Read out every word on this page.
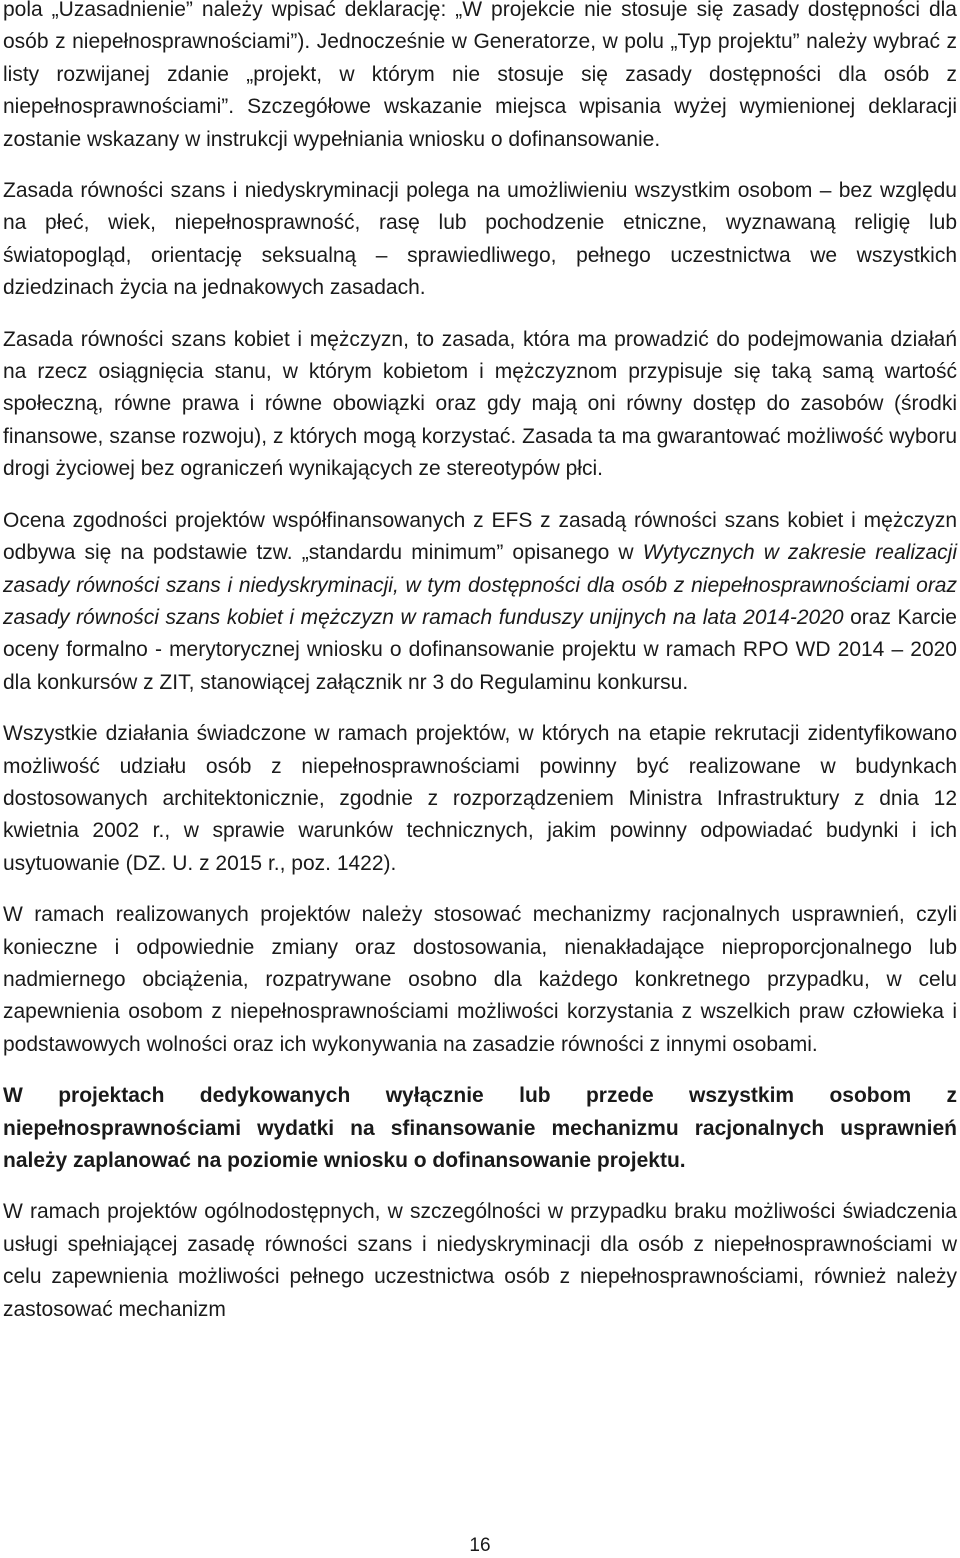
pola „Uzasadnienie” należy wpisać deklarację: „W projekcie nie stosuje się zasady dostępności dla osób z niepełnosprawnościami”). Jednocześnie w Generatorze, w polu „Typ projektu” należy wybrać z listy rozwijanej zdanie „projekt, w którym nie stosuje się zasady dostępności dla osób z niepełnosprawnościami”. Szczegółowe wskazanie miejsca wpisania wyżej wymienionej deklaracji zostanie wskazany w instrukcji wypełniania wniosku o dofinansowanie.

Zasada równości szans i niedyskryminacji polega na umożliwieniu wszystkim osobom – bez względu na płeć, wiek, niepełnosprawność, rasę lub pochodzenie etniczne, wyznawaną religię lub światopogląd, orientację seksualną – sprawiedliwego, pełnego uczestnictwa we wszystkich dziedzinach życia na jednakowych zasadach.

Zasada równości szans kobiet i mężczyzn, to zasada, która ma prowadzić do podejmowania działań na rzecz osiągnięcia stanu, w którym kobietom i mężczyznom przypisuje się taką samą wartość społeczną, równe prawa i równe obowiązki oraz gdy mają oni równy dostęp do zasobów (środki finansowe, szanse rozwoju), z których mogą korzystać. Zasada ta ma gwarantować możliwość wyboru drogi życiowej bez ograniczeń wynikających ze stereotypów płci.

Ocena zgodności projektów współfinansowanych z EFS z zasadą równości szans kobiet i mężczyzn odbywa się na podstawie tzw. „standardu minimum” opisanego w Wytycznych w zakresie realizacji zasady równości szans i niedyskryminacji, w tym dostępności dla osób z niepełnosprawnościami oraz zasady równości szans kobiet i mężczyzn w ramach funduszy unijnych na lata 2014-2020 oraz Karcie oceny formalno - merytorycznej wniosku o dofinansowanie projektu w ramach RPO WD 2014 – 2020 dla konkursów z ZIT, stanowiącej załącznik nr 3 do Regulaminu konkursu.

Wszystkie działania świadczone w ramach projektów, w których na etapie rekrutacji zidentyfikowano możliwość udziału osób z niepełnosprawnościami powinny być realizowane w budynkach dostosowanych architektonicznie, zgodnie z rozporządzeniem Ministra Infrastruktury z dnia 12 kwietnia 2002 r., w sprawie warunków technicznych, jakim powinny odpowiadać budynki i ich usytuowanie (DZ. U. z 2015 r., poz. 1422).

W ramach realizowanych projektów należy stosować mechanizmy racjonalnych usprawnień, czyli konieczne i odpowiednie zmiany oraz dostosowania, nienakładające nieproporcjonalnego lub nadmiernego obciążenia, rozpatrywane osobno dla każdego konkretnego przypadku, w celu zapewnienia osobom z niepełnosprawnościami możliwości korzystania z wszelkich praw człowieka i podstawowych wolności oraz ich wykonywania na zasadzie równości z innymi osobami.

W projektach dedykowanych wyłącznie lub przede wszystkim osobom z niepełnosprawnościami wydatki na sfinansowanie mechanizmu racjonalnych usprawnień należy zaplanować na poziomie wniosku o dofinansowanie projektu.

W ramach projektów ogólnodostępnych, w szczególności w przypadku braku możliwości świadczenia usługi spełniającej zasadę równości szans i niedyskryminacji dla osób z niepełnosprawnościami w celu zapewnienia możliwości pełnego uczestnictwa osób z niepełnosprawnościami, również należy zastosować mechanizm

16
